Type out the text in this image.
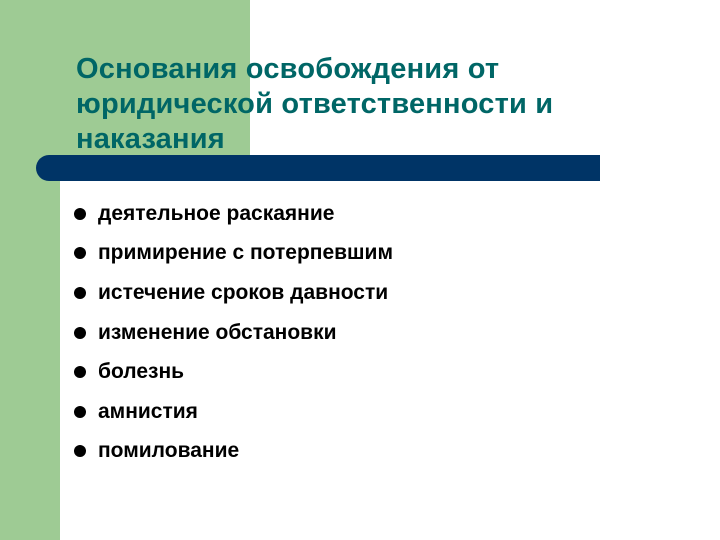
Основания освобождения от юридической ответственности и наказания
деятельное раскаяние
примирение с потерпевшим
истечение сроков давности
изменение обстановки
болезнь
амнистия
помилование
